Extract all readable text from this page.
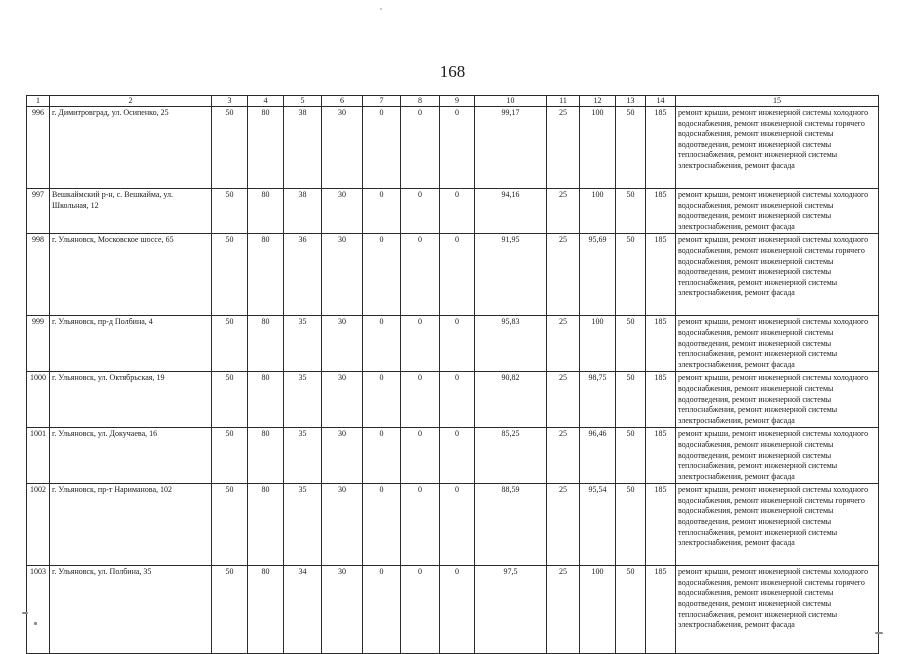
168
1	2	3	4	5	6	7	8	9	10	11	12	13	14	15
996	г. Димитровград, ул. Осипенко, 25	50	80	38	30	0	0	0	99,17	25	100	50	185	ремонт крыши, ремонт инженерной системы холодного водоснабжения, ремонт инженерной системы горячего водоснабжения, ремонт инженерной системы водоотведения, ремонт инженерной системы теплоснабжения, ремонт инженерной системы электроснабжения, ремонт фасада
997	Вешкаймский р-н, с. Вешкайма, ул. Школьная, 12	50	80	38	30	0	0	0	94,16	25	100	50	185	ремонт крыши, ремонт инженерной системы холодного водоснабжения, ремонт инженерной системы водоотведения, ремонт инженерной системы электроснабжения, ремонт фасада
998	г. Ульяновск, Московское шоссе, 65	50	80	36	30	0	0	0	91,95	25	95,69	50	185	ремонт крыши, ремонт инженерной системы холодного водоснабжения, ремонт инженерной системы горячего водоснабжения, ремонт инженерной системы водоотведения, ремонт инженерной системы теплоснабжения, ремонт инженерной системы электроснабжения, ремонт фасада
999	г. Ульяновск, пр-д Полбина, 4	50	80	35	30	0	0	0	95,83	25	100	50	185	ремонт крыши, ремонт инженерной системы холодного водоснабжения, ремонт инженерной системы водоотведения, ремонт инженерной системы теплоснабжения, ремонт инженерной системы электроснабжения, ремонт фасада
1000	г. Ульяновск, ул. Октябрьская, 19	50	80	35	30	0	0	0	90,82	25	98,75	50	185	ремонт крыши, ремонт инженерной системы холодного водоснабжения, ремонт инженерной системы водоотведения, ремонт инженерной системы теплоснабжения, ремонт инженерной системы электроснабжения, ремонт фасада
1001	г. Ульяновск, ул. Докучаева, 16	50	80	35	30	0	0	0	85,25	25	96,46	50	185	ремонт крыши, ремонт инженерной системы холодного водоснабжения, ремонт инженерной системы водоотведения, ремонт инженерной системы теплоснабжения, ремонт инженерной системы электроснабжения, ремонт фасада
1002	г. Ульяновск, пр-т Нариманова, 102	50	80	35	30	0	0	0	88,59	25	95,54	50	185	ремонт крыши, ремонт инженерной системы холодного водоснабжения, ремонт инженерной системы горячего водоснабжения, ремонт инженерной системы водоотведения, ремонт инженерной системы теплоснабжения, ремонт инженерной системы электроснабжения, ремонт фасада
1003	г. Ульяновск, ул. Полбина, 35	50	80	34	30	0	0	0	97,5	25	100	50	185	ремонт крыши, ремонт инженерной системы холодного водоснабжения, ремонт инженерной системы горячего водоснабжения, ремонт инженерной системы водоотведения, ремонт инженерной системы теплоснабжения, ремонт инженерной системы электроснабжения, ремонт фасада
